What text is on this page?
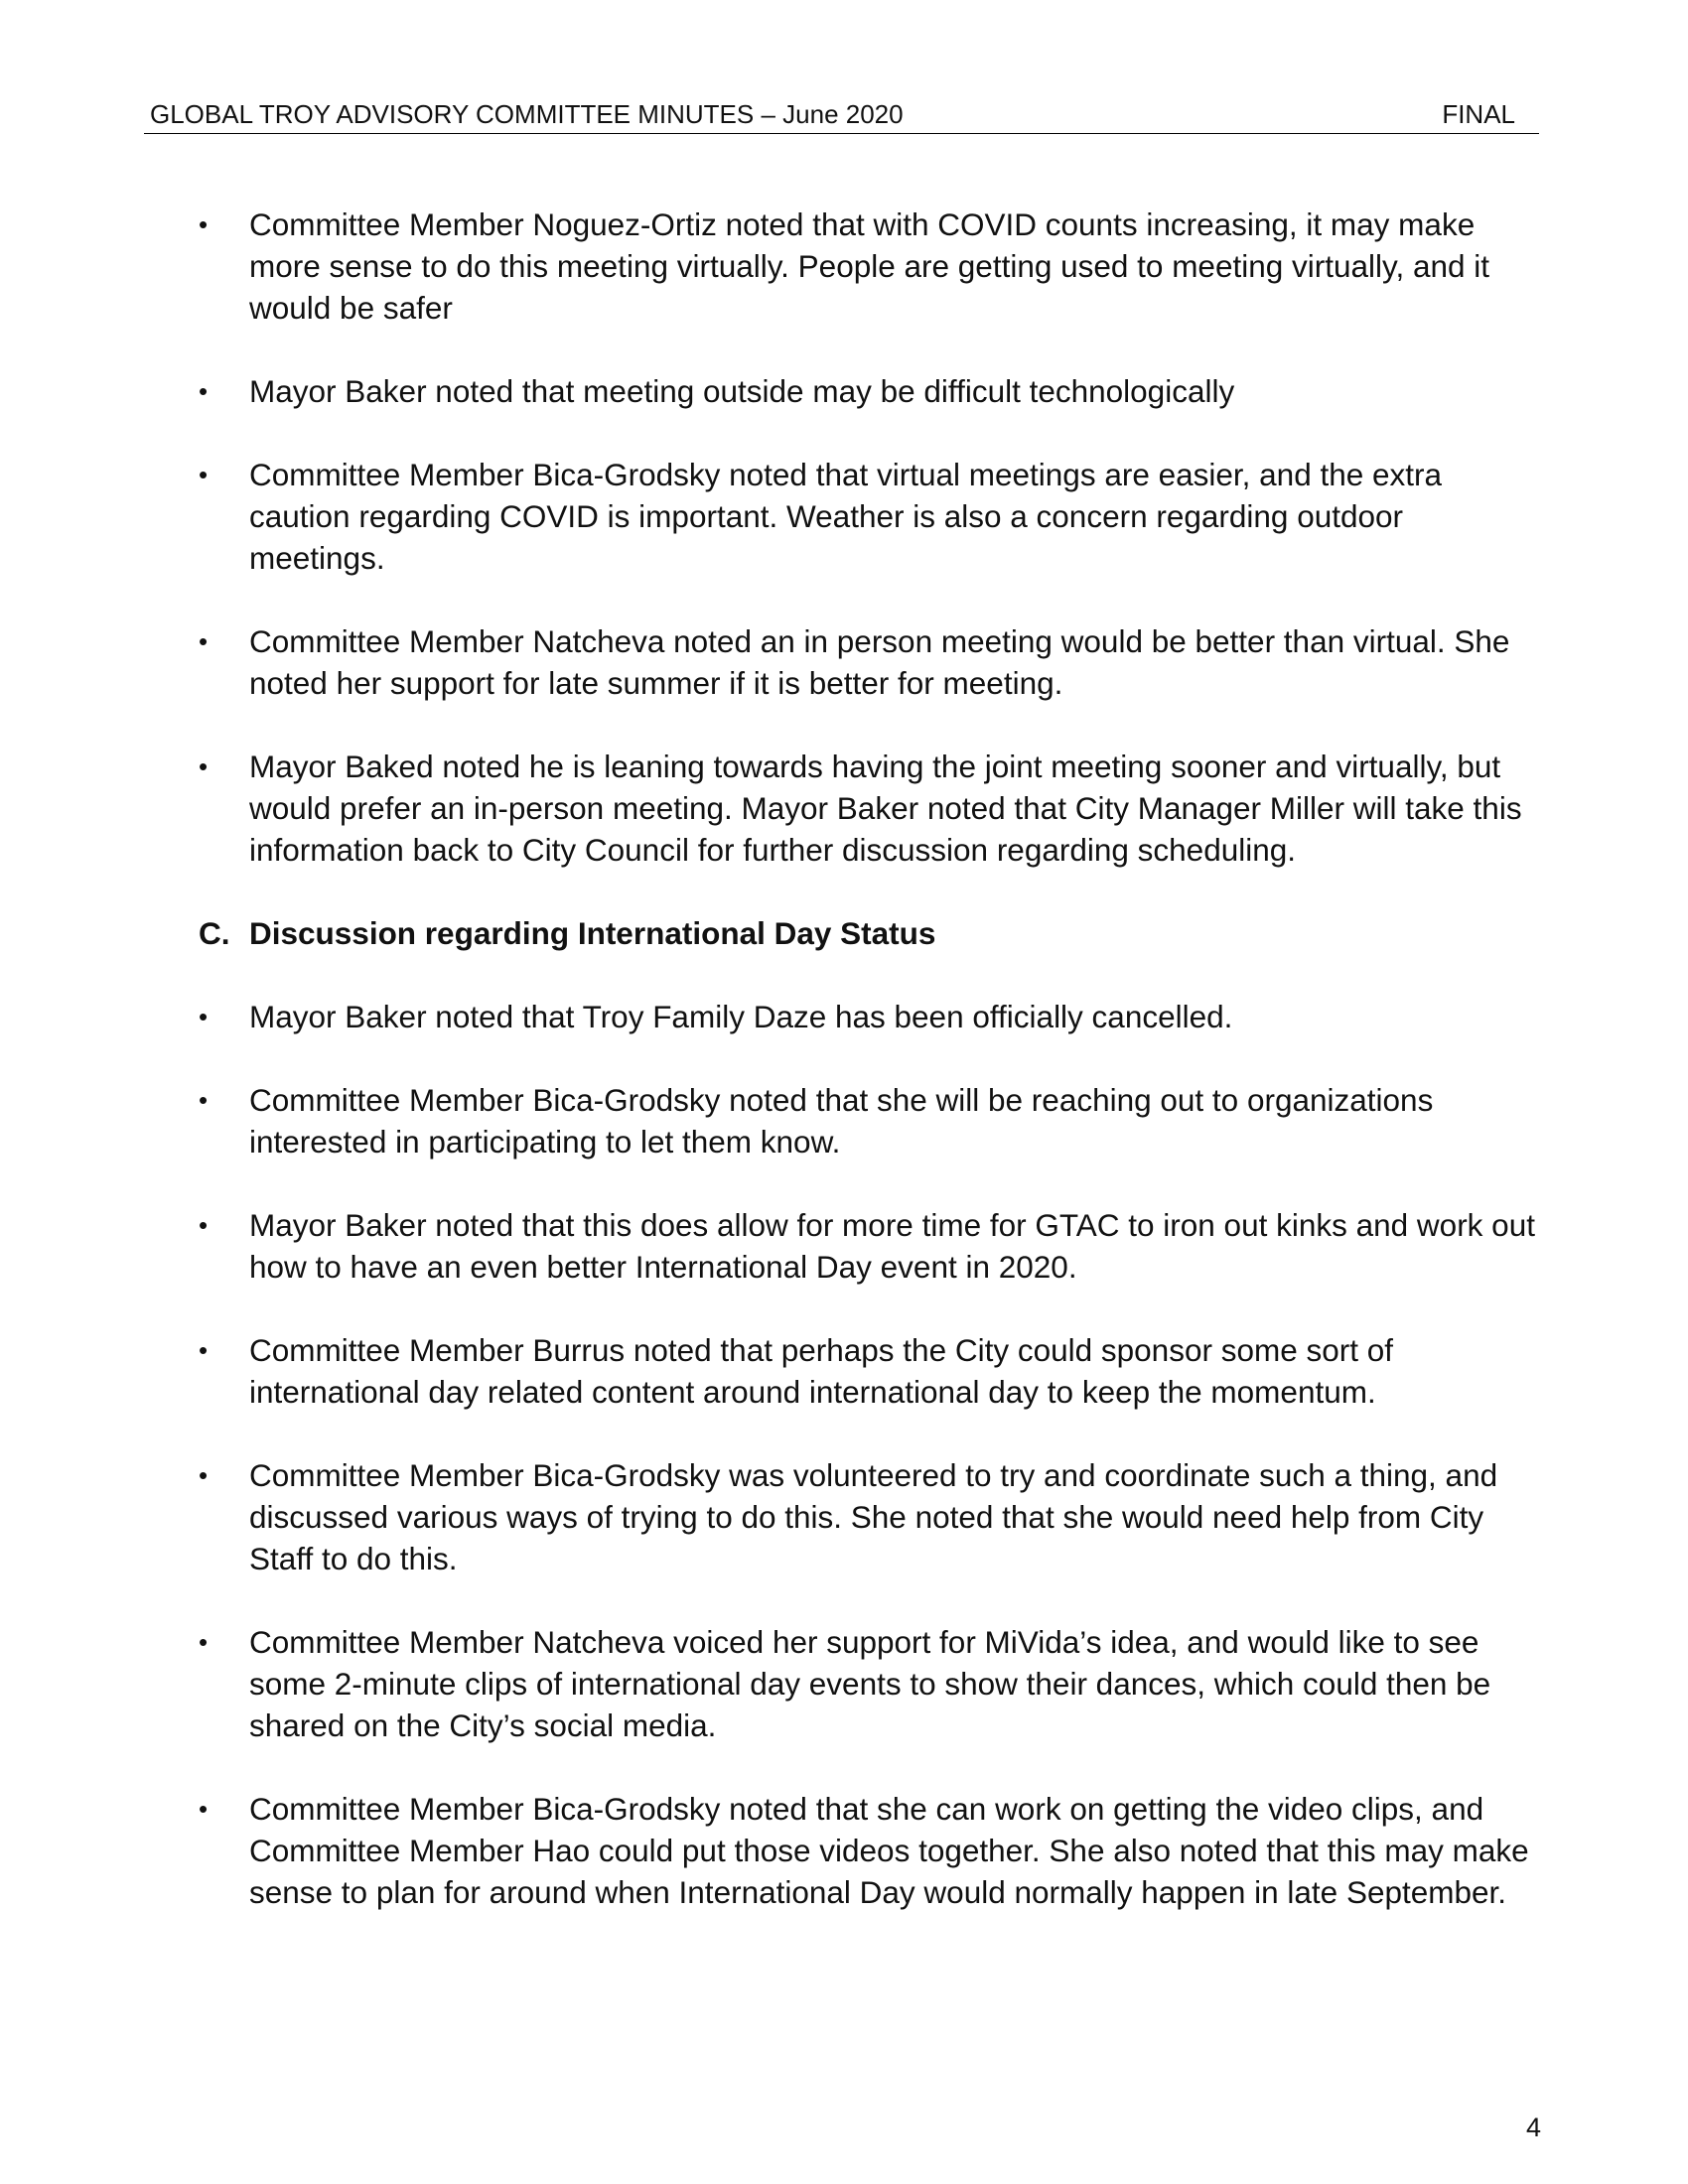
GLOBAL TROY ADVISORY COMMITTEE MINUTES – June 2020	FINAL
• Committee Member Noguez-Ortiz noted that with COVID counts increasing, it may make more sense to do this meeting virtually. People are getting used to meeting virtually, and it would be safer
• Mayor Baker noted that meeting outside may be difficult technologically
• Committee Member Bica-Grodsky noted that virtual meetings are easier, and the extra caution regarding COVID is important. Weather is also a concern regarding outdoor meetings.
• Committee Member Natcheva noted an in person meeting would be better than virtual. She noted her support for late summer if it is better for meeting.
• Mayor Baked noted he is leaning towards having the joint meeting sooner and virtually, but would prefer an in-person meeting. Mayor Baker noted that City Manager Miller will take this information back to City Council for further discussion regarding scheduling.
C. Discussion regarding International Day Status
• Mayor Baker noted that Troy Family Daze has been officially cancelled.
• Committee Member Bica-Grodsky noted that she will be reaching out to organizations interested in participating to let them know.
• Mayor Baker noted that this does allow for more time for GTAC to iron out kinks and work out how to have an even better International Day event in 2020.
• Committee Member Burrus noted that perhaps the City could sponsor some sort of international day related content around international day to keep the momentum.
• Committee Member Bica-Grodsky was volunteered to try and coordinate such a thing, and discussed various ways of trying to do this. She noted that she would need help from City Staff to do this.
• Committee Member Natcheva voiced her support for MiVida’s idea, and would like to see some 2-minute clips of international day events to show their dances, which could then be shared on the City’s social media.
• Committee Member Bica-Grodsky noted that she can work on getting the video clips, and Committee Member Hao could put those videos together. She also noted that this may make sense to plan for around when International Day would normally happen in late September.
4
